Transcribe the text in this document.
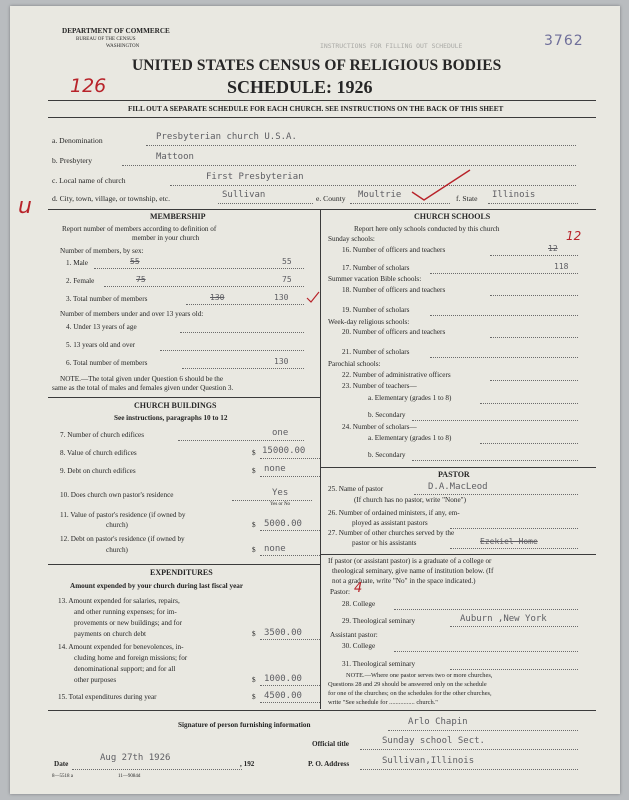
DEPARTMENT OF COMMERCE
BUREAU OF THE CENSUS
WASHINGTON	INSTRUCTIONS FOR FILLING OUT SCHEDULE
UNITED STATES CENSUS OF RELIGIOUS BODIES
SCHEDULE: 1926
3762
126
u
FILL OUT A SEPARATE SCHEDULE FOR EACH CHURCH. SEE INSTRUCTIONS ON THE BACK OF THIS SHEET
a. Denomination	Presbyterian church U.S.A.
b. Presbytery	Mattoon
c. Local name of church	First Presbyterian
d. City, town, village, or township, etc.	Sullivan	e. County Moultrie	f. State Illinois
MEMBERSHIP
Report number of members according to definition of
member in your church
Number of members, by sex:
1. Male	55	55
2. Female	75	75
3. Total number of members	130	130
Number of members under and over 13 years old:
4. Under 13 years of age
5. 13 years old and over
6. Total number of members	130
NOTE.—The total given under Question 6 should be the
same as the total of males and females given under Question 3.
CHURCH BUILDINGS
See instructions, paragraphs 10 to 12
7. Number of church edifices	one
8. Value of church edifices	$ 15000.00
9. Debt on church edifices	$ none
10. Does church own pastor's residence	Yes
Yes or No
11. Value of pastor's residence (if owned by
church)	$ 5000.00
12. Debt on pastor's residence (if owned by
church)	$ none
EXPENDITURES
Amount expended by your church during last fiscal year
13. Amount expended for salaries, repairs,
and other running expenses; for im-
provements or new buildings; and for
payments on church debt	$ 3500.00
14. Amount expended for benevolences, in-
cluding home and foreign missions; for
denominational support; and for all
other purposes	$ 1000.00
15. Total expenditures during year	$ 4500.00
CHURCH SCHOOLS
Report here only schools conducted by this church
Sunday schools:
16. Number of officers and teachers	12
12
17. Number of scholars	118
Summer vacation Bible schools:
18. Number of officers and teachers
19. Number of scholars
Week-day religious schools:
20. Number of officers and teachers
21. Number of scholars
Parochial schools:
22. Number of administrative officers
23. Number of teachers—
a. Elementary (grades 1 to 8)
b. Secondary
24. Number of scholars—
a. Elementary (grades 1 to 8)
b. Secondary
PASTOR
25. Name of pastor	D.A.MacLeod
(If church has no pastor, write "None")
26. Number of ordained ministers, if any, em-
ployed as assistant pastors
27. Number of other churches served by the
pastor or his assistants	Ezekiel Home
If pastor (or assistant pastor) is a graduate of a college or
theological seminary, give name of institution below. (If
not a graduate, write "No" in the space indicated.)
Pastor: 4
28. College
29. Theological seminary	Auburn ,New York
Assistant pastor:
30. College
31. Theological seminary
NOTE.—Where one pastor serves two or more churches,
Questions 28 and 29 should be answered only on the schedule
for one of the churches; on the schedules for the other churches,
write "See schedule for ................ church."
Signature of person furnishing information	Arlo Chapin
Official title	Sunday school Sect.
Date
Aug 27th 1926
, 192	P. O. Address	Sullivan,Illinois
8—5518 a	11—9084d
